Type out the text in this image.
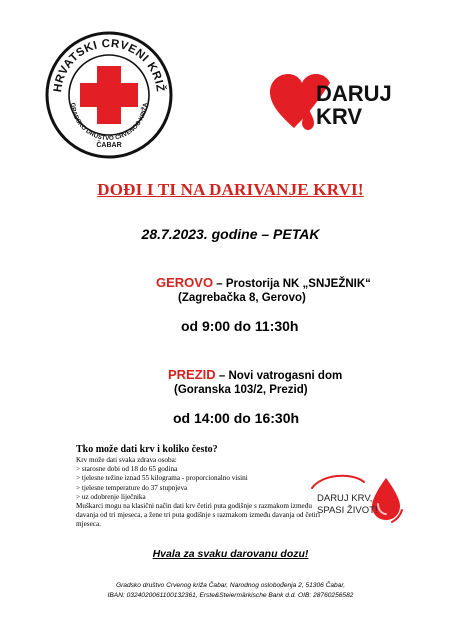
HRVATSKI CRVENI KRIŽ
GRADSKO DRUŠTVO CRVENOG KRIŽA
ČABAR
DARUJ
KRV
DOĐI I TI NA DARIVANJE KRVI!
28.7.2023. godine – PETAK
GEROVO – Prostorija NK „SNJEŽNIK“
(Zagrebačka 8, Gerovo)
od 9:00 do 11:30h
PREZID – Novi vatrogasni dom
(Goranska 103/2, Prezid)
od 14:00 do 16:30h
Tko može dati krv i koliko često?
Krv može dati svaka zdrava osoba:
> starosne dobi od 18 do 65 godina
> tjelesne težine iznad 55 kilograma - proporcionalno visini
> tjelesne temperature do 37 stupnjeva
> uz odobrenje liječnika
Muškarci mogu na klasični način dati krv četiri puta godišnje s razmakom između
davanja od tri mjeseca, a žene tri puta godišnje s razmakom između davanja od četiri
mjeseca.
DARUJ KRV,
SPASI ŽIVOT!
Hvala za svaku darovanu dozu!
Gradsko društvo Crvenog križa Čabar, Narodnog oslobođenja 2, 51306 Čabar,
IBAN: 0324020061100132361, Erste&Steiermärkische Bank d.d. OIB: 28760256582
